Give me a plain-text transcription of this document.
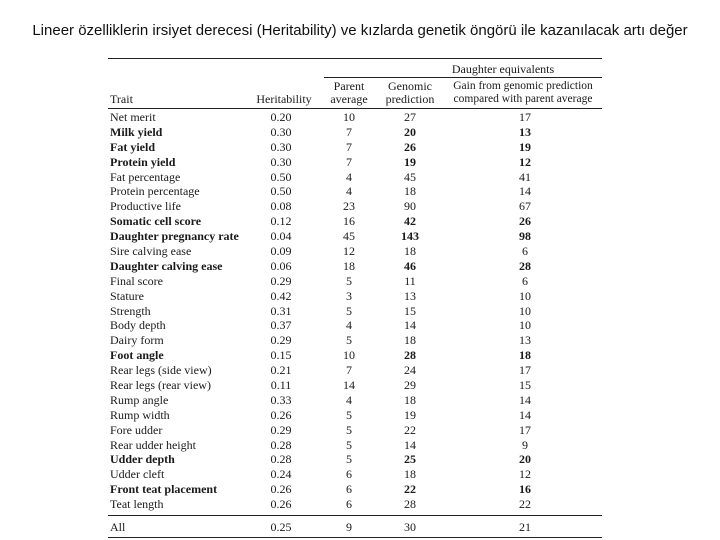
Lineer özelliklerin irsiyet derecesi (Heritability) ve kızlarda genetik öngörü ile kazanılacak artı değer
Daughter equivalents
Trait	Heritability
Parent
average
Genomic
prediction
Gain from genomic prediction
compared with parent average
Net merit	0.20	10	27	17
Milk yield	0.30	7	20	13
Fat yield	0.30	7	26	19
Protein yield	0.30	7	19	12
Fat percentage	0.50	4	45	41
Protein percentage	0.50	4	18	14
Productive life	0.08	23	90	67
Somatic cell score	0.12	16	42	26
Daughter pregnancy rate	0.04	45	143	98
Sire calving ease	0.09	12	18	6
Daughter calving ease	0.06	18	46	28
Final score	0.29	5	11	6
Stature	0.42	3	13	10
Strength	0.31	5	15	10
Body depth	0.37	4	14	10
Dairy form	0.29	5	18	13
Foot angle	0.15	10	28	18
Rear legs (side view)	0.21	7	24	17
Rear legs (rear view)	0.11	14	29	15
Rump angle	0.33	4	18	14
Rump width	0.26	5	19	14
Fore udder	0.29	5	22	17
Rear udder height	0.28	5	14	9
Udder depth	0.28	5	25	20
Udder cleft	0.24	6	18	12
Front teat placement	0.26	6	22	16
Teat length	0.26	6	28	22
All	0.25	9	30	21
